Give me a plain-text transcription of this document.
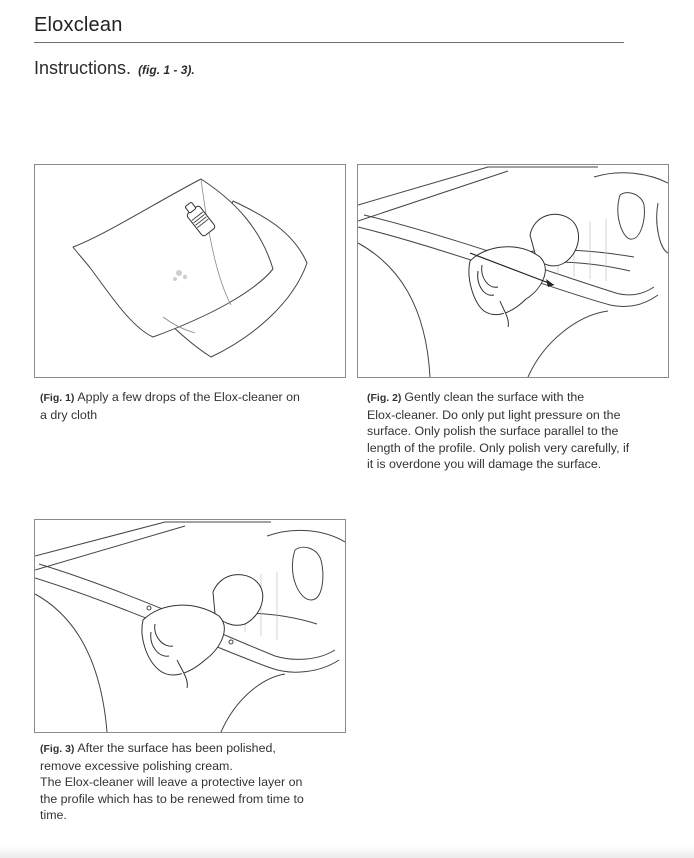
Eloxclean
Instructions. (fig. 1 - 3).
(Fig. 1) Apply a few drops of the Elox-cleaner on
a dry cloth
(Fig. 2) Gently clean the surface with the
Elox-cleaner. Do only put light pressure on the
surface. Only polish the surface parallel to the
length of the profile. Only polish very carefully, if
it is overdone you will damage the surface.
(Fig. 3) After the surface has been polished,
remove excessive polishing cream.
The Elox-cleaner will leave a protective layer on
the profile which has to be renewed from time to
time.
